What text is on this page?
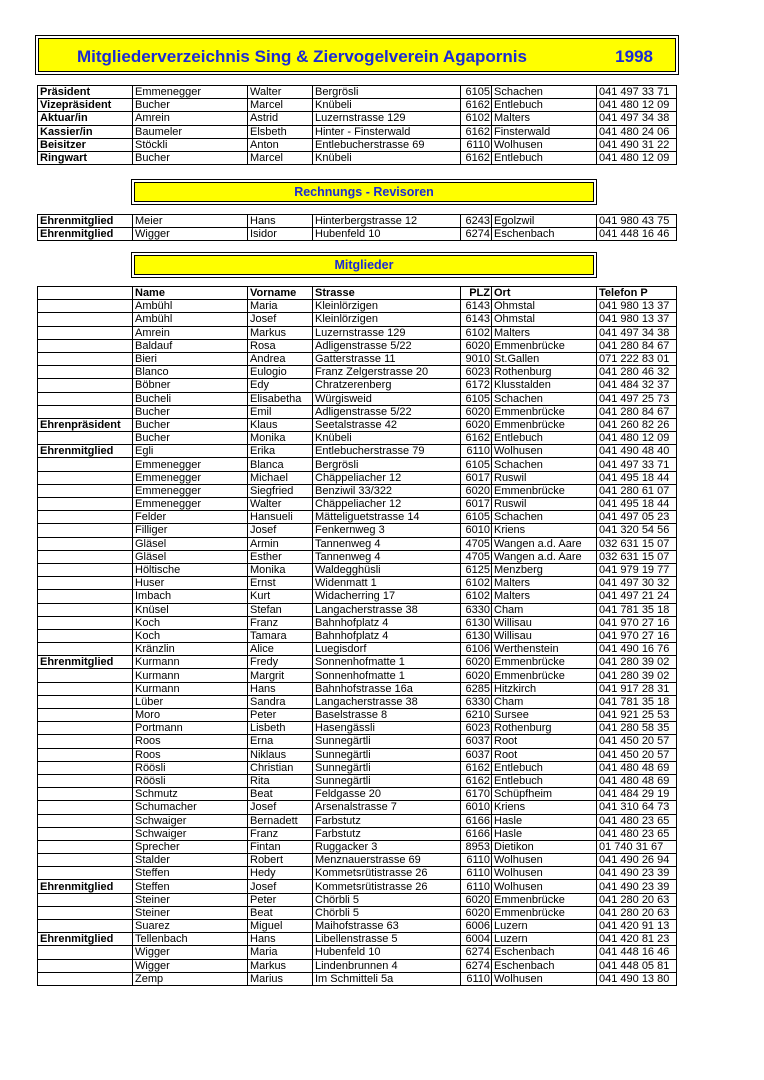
Mitgliederverzeichnis Sing & Ziervogelverein Agapornis	1998
Präsident	Emmenegger	Walter	Bergrösli	6105	Schachen	041 497 33 71
Vizepräsident	Bucher	Marcel	Knübeli	6162	Entlebuch	041 480 12 09
Aktuar/in	Amrein	Astrid	Luzernstrasse 129	6102	Malters	041 497 34 38
Kassier/in	Baumeler	Elsbeth	Hinter - Finsterwald	6162	Finsterwald	041 480 24 06
Beisitzer	Stöckli	Anton	Entlebucherstrasse 69	6110	Wolhusen	041 490 31 22
Ringwart	Bucher	Marcel	Knübeli	6162	Entlebuch	041 480 12 09
Rechnungs - Revisoren
Ehrenmitglied	Meier	Hans	Hinterbergstrasse 12	6243	Egolzwil	041 980 43 75
Ehrenmitglied	Wigger	Isidor	Hubenfeld 10	6274	Eschenbach	041 448 16 46
Mitglieder
	Name	Vorname	Strasse	PLZ	Ort	Telefon P
	Ambühl	Maria	Kleinlörzigen	6143	Ohmstal	041 980 13 37
	Ambühl	Josef	Kleinlörzigen	6143	Ohmstal	041 980 13 37
	Amrein	Markus	Luzernstrasse 129	6102	Malters	041 497 34 38
	Baldauf	Rosa	Adligenstrasse 5/22	6020	Emmenbrücke	041 280 84 67
	Bieri	Andrea	Gatterstrasse 11	9010	St.Gallen	071 222 83 01
	Blanco	Eulogio	Franz Zelgerstrasse 20	6023	Rothenburg	041 280 46 32
	Böbner	Edy	Chratzerenberg	6172	Klusstalden	041 484 32 37
	Bucheli	Elisabetha	Würgisweid	6105	Schachen	041 497 25 73
	Bucher	Emil	Adligenstrasse 5/22	6020	Emmenbrücke	041 280 84 67
Ehrenpräsident	Bucher	Klaus	Seetalstrasse 42	6020	Emmenbrücke	041 260 82 26
	Bucher	Monika	Knübeli	6162	Entlebuch	041 480 12 09
Ehrenmitglied	Egli	Erika	Entlebucherstrasse 79	6110	Wolhusen	041 490 48 40
	Emmenegger	Blanca	Bergrösli	6105	Schachen	041 497 33 71
	Emmenegger	Michael	Chäppeliacher 12	6017	Ruswil	041 495 18 44
	Emmenegger	Siegfried	Benziwil 33/322	6020	Emmenbrücke	041 280 61 07
	Emmenegger	Walter	Chäppeliacher 12	6017	Ruswil	041 495 18 44
	Felder	Hansueli	Mätteliguetstrasse 14	6105	Schachen	041 497 05 23
	Filliger	Josef	Fenkernweg 3	6010	Kriens	041 320 54 56
	Gläsel	Armin	Tannenweg 4	4705	Wangen a.d. Aare	032 631 15 07
	Gläsel	Esther	Tannenweg 4	4705	Wangen a.d. Aare	032 631 15 07
	Höltische	Monika	Waldegghüsli	6125	Menzberg	041 979 19 77
	Huser	Ernst	Widenmatt 1	6102	Malters	041 497 30 32
	Imbach	Kurt	Widacherring 17	6102	Malters	041 497 21 24
	Knüsel	Stefan	Langacherstrasse 38	6330	Cham	041 781 35 18
	Koch	Franz	Bahnhofplatz 4	6130	Willisau	041 970 27 16
	Koch	Tamara	Bahnhofplatz 4	6130	Willisau	041 970 27 16
	Kränzlin	Alice	Luegisdorf	6106	Werthenstein	041 490 16 76
Ehrenmitglied	Kurmann	Fredy	Sonnenhofmatte 1	6020	Emmenbrücke	041 280 39 02
	Kurmann	Margrit	Sonnenhofmatte 1	6020	Emmenbrücke	041 280 39 02
	Kurmann	Hans	Bahnhofstrasse 16a	6285	Hitzkirch	041 917 28 31
	Lüber	Sandra	Langacherstrasse 38	6330	Cham	041 781 35 18
	Moro	Peter	Baselstrasse 8	6210	Sursee	041 921 25 53
	Portmann	Lisbeth	Hasengässli	6023	Rothenburg	041 280 58 35
	Roos	Erna	Sunnegärtli	6037	Root	041 450 20 57
	Roos	Niklaus	Sunnegärtli	6037	Root	041 450 20 57
	Röösli	Christian	Sunnegärtli	6162	Entlebuch	041 480 48 69
	Röösli	Rita	Sunnegärtli	6162	Entlebuch	041 480 48 69
	Schmutz	Beat	Feldgasse 20	6170	Schüpfheim	041 484 29 19
	Schumacher	Josef	Arsenalstrasse 7	6010	Kriens	041 310 64 73
	Schwaiger	Bernadett	Farbstutz	6166	Hasle	041 480 23 65
	Schwaiger	Franz	Farbstutz	6166	Hasle	041 480 23 65
	Sprecher	Fintan	Ruggacker 3	8953	Dietikon	01 740 31 67
	Stalder	Robert	Menznauerstrasse 69	6110	Wolhusen	041 490 26 94
	Steffen	Hedy	Kommetsrütistrasse 26	6110	Wolhusen	041 490 23 39
Ehrenmitglied	Steffen	Josef	Kommetsrütistrasse 26	6110	Wolhusen	041 490 23 39
	Steiner	Peter	Chörbli 5	6020	Emmenbrücke	041 280 20 63
	Steiner	Beat	Chörbli 5	6020	Emmenbrücke	041 280 20 63
	Suarez	Miguel	Maihofstrasse 63	6006	Luzern	041 420 91 13
Ehrenmitglied	Tellenbach	Hans	Libellenstrasse 5	6004	Luzern	041 420 81 23
	Wigger	Maria	Hubenfeld 10	6274	Eschenbach	041 448 16 46
	Wigger	Markus	Lindenbrunnen 4	6274	Eschenbach	041 448 05 81
	Zemp	Marius	Im Schmitteli 5a	6110	Wolhusen	041 490 13 80
